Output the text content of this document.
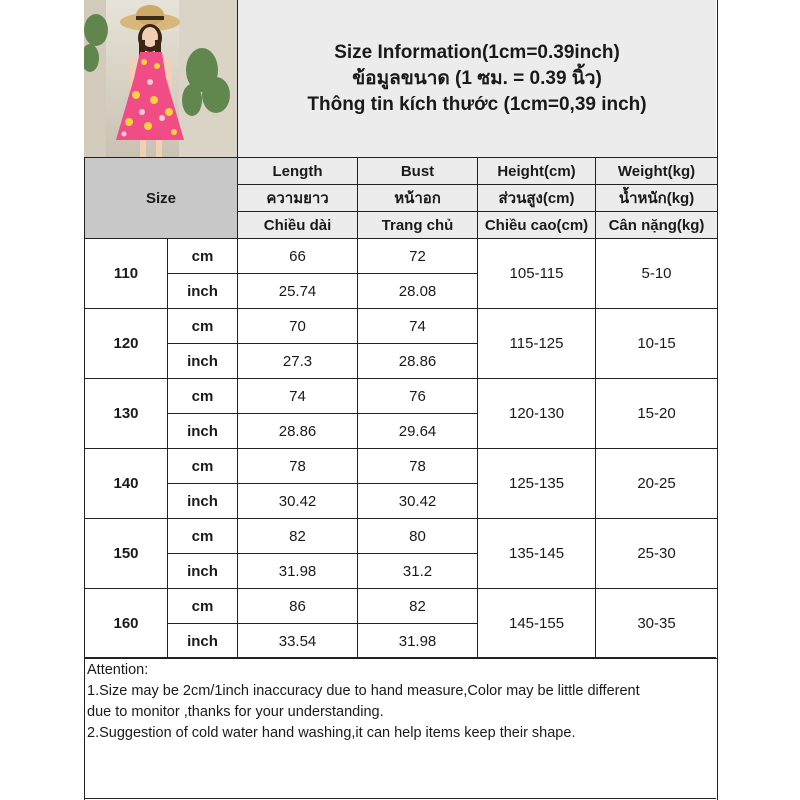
Size Information(1cm=0.39inch)
ข้อมูลขนาด (1 ซม. = 0.39 นิ้ว)
Thông tin kích thước (1cm=0,39 inch)
Size		Length	Bust	Height(cm)	Weight(kg)
		ความยาว	หน้าอก	ส่วนสูง(cm)	น้ำหนัก(kg)
		Chiều dài	Trang chủ	Chiều cao(cm)	Cân nặng(kg)
110	cm	66	72	105-115	5-10
	inch	25.74	28.08		
120	cm	70	74	115-125	10-15
	inch	27.3	28.86		
130	cm	74	76	120-130	15-20
	inch	28.86	29.64		
140	cm	78	78	125-135	20-25
	inch	30.42	30.42		
150	cm	82	80	135-145	25-30
	inch	31.98	31.2		
160	cm	86	82	145-155	30-35
	inch	33.54	31.98		
Attention:
1.Size may be 2cm/1inch inaccuracy due to hand measure,Color may be little different
due to monitor ,thanks for your understanding.
2.Suggestion of cold water hand washing,it can help items keep their shape.
